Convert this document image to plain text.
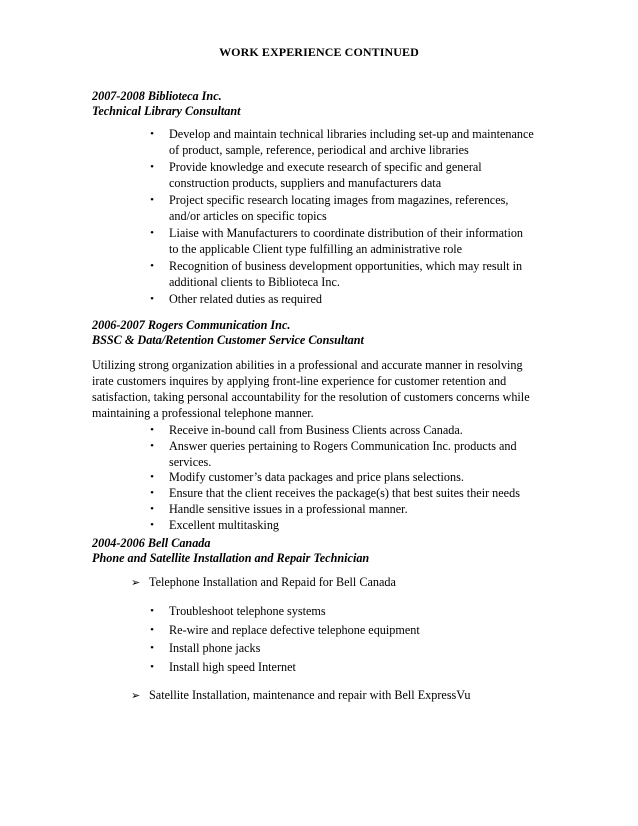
WORK EXPERIENCE CONTINUED
2007-2008 Biblioteca Inc.
Technical Library Consultant
• Develop and maintain technical libraries including set-up and maintenance
of product, sample, reference, periodical and archive libraries
• Provide knowledge and execute research of specific and general
construction products, suppliers and manufacturers data
• Project specific research locating images from magazines, references,
and/or articles on specific topics
• Liaise with Manufacturers to coordinate distribution of their information
to the applicable Client type fulfilling an administrative role
• Recognition of business development opportunities, which may result in
additional clients to Biblioteca Inc.
• Other related duties as required
2006-2007 Rogers Communication Inc.
BSSC & Data/Retention Customer Service Consultant
Utilizing strong organization abilities in a professional and accurate manner in resolving
irate customers inquires by applying front-line experience for customer retention and
satisfaction, taking personal accountability for the resolution of customers concerns while
maintaining a professional telephone manner.
• Receive in-bound call from Business Clients across Canada.
• Answer queries pertaining to Rogers Communication Inc. products and services.
• Modify customer’s data packages and price plans selections.
• Ensure that the client receives the package(s) that best suites their needs
• Handle sensitive issues in a professional manner.
• Excellent multitasking
2004-2006 Bell Canada
Phone and Satellite Installation and Repair Technician
➢ Telephone Installation and Repaid for Bell Canada
• Troubleshoot telephone systems
• Re-wire and replace defective telephone equipment
• Install phone jacks
• Install high speed Internet
➢ Satellite Installation, maintenance and repair with Bell ExpressVu
